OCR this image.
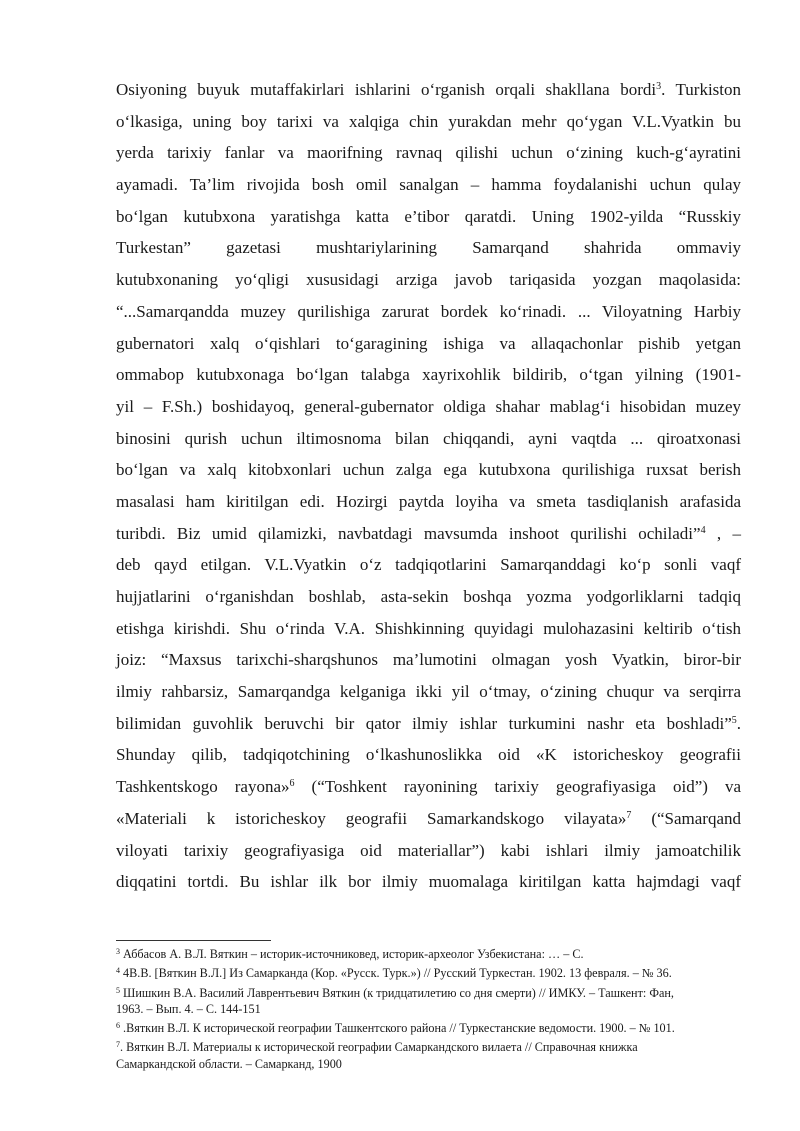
Osiyoning buyuk mutaffakirlari ishlarini o‘rganish orqali shakllana bordi$^3$. Turkiston
o‘lkasiga, uning boy tarixi va xalqiga chin yurakdan mehr qo‘ygan V.L.Vyatkin bu
yerda tarixiy fanlar va maorifning ravnaq qilishi uchun o‘zining kuch-g‘ayratini
ayamadi. Ta’lim rivojida bosh omil sanalgan – hamma foydalanishi uchun qulay
bo‘lgan kutubxona yaratishga katta e’tibor qaratdi. Uning 1902-yilda “Russkiy
Turkestan” gazetasi mushtariylarining Samarqand shahrida ommaviy
kutubxonaning yo‘qligi xususidagi arziga javob tariqasida yozgan maqolasida:
“...Samarqandda muzey qurilishiga zarurat bordek ko‘rinadi. ... Viloyatning Harbiy
gubernatori xalq o‘qishlari to‘garagining ishiga va allaqachonlar pishib yetgan
ommabop kutubxonaga bo‘lgan talabga xayrixohlik bildirib, o‘tgan yilning (1901-
yil – F.Sh.) boshidayoq, general-gubernator oldiga shahar mablag‘i hisobidan muzey
binosini qurish uchun iltimosnoma bilan chiqqandi, ayni vaqtda ... qiroatxonasi
bo‘lgan va xalq kitobxonlari uchun zalga ega kutubxona qurilishiga ruxsat berish
masalasi ham kiritilgan edi. Hozirgi paytda loyiha va smeta tasdiqlanish arafasida
turibdi. Biz umid qilamizki, navbatdagi mavsumda inshoot qurilishi ochiladi”$^4$ , –
deb qayd etilgan. V.L.Vyatkin o‘z tadqiqotlarini Samarqanddagi ko‘p sonli vaqf
hujjatlarini o‘rganishdan boshlab, asta-sekin boshqa yozma yodgorliklarni tadqiq
etishga kirishdi. Shu o‘rinda V.A. Shishkinning quyidagi mulohazasini keltirib o‘tish
joiz: “Maxsus tarixchi-sharqshunos ma’lumotini olmagan yosh Vyatkin, biror-bir
ilmiy rahbarsiz, Samarqandga kelganiga ikki yil o‘tmay, o‘zining chuqur va serqirra
bilimidan guvohlik beruvchi bir qator ilmiy ishlar turkumini nashr eta boshladi”$^5$.
Shunday qilib, tadqiqotchining o‘lkashunoslikka oid «K istoricheskoy geografii
Tashkentskogo rayona»$^6$ (“Toshkent rayonining tarixiy geografiyasiga oid”) va
«Materiali k istoricheskoy geografii Samarkandskogo vilayata»$^7$ (“Samarqand
viloyati tarixiy geografiyasiga oid materiallar”) kabi ishlari ilmiy jamoatchilik
diqqatini tortdi. Bu ishlar ilk bor ilmiy muomalaga kiritilgan katta hajmdagi vaqf
$^3$ Аббасов А. В.Л. Вяткин – историк-источниковед, историк-археолог Узбекистана: … – С.
$^4$ 4В.В. [Вяткин В.Л.] Из Самарканда (Кор. «Русск. Турк.») // Русский Туркестан. 1902. 13 февраля. – № 36.
$^5$ Шишкин В.А. Василий Лаврентьевич Вяткин (к тридцатилетию со дня смерти) // ИМКУ. – Ташкент: Фан,
1963. – Вып. 4. – С. 144-151
$^6$ .Вяткин В.Л. К исторической географии Ташкентского района // Туркестанские ведомости. 1900. – № 101.
$^7$. Вяткин В.Л. Материалы к исторической географии Самаркандского вилаета // Справочная книжка
Самаркандской области. – Самарканд, 1900
